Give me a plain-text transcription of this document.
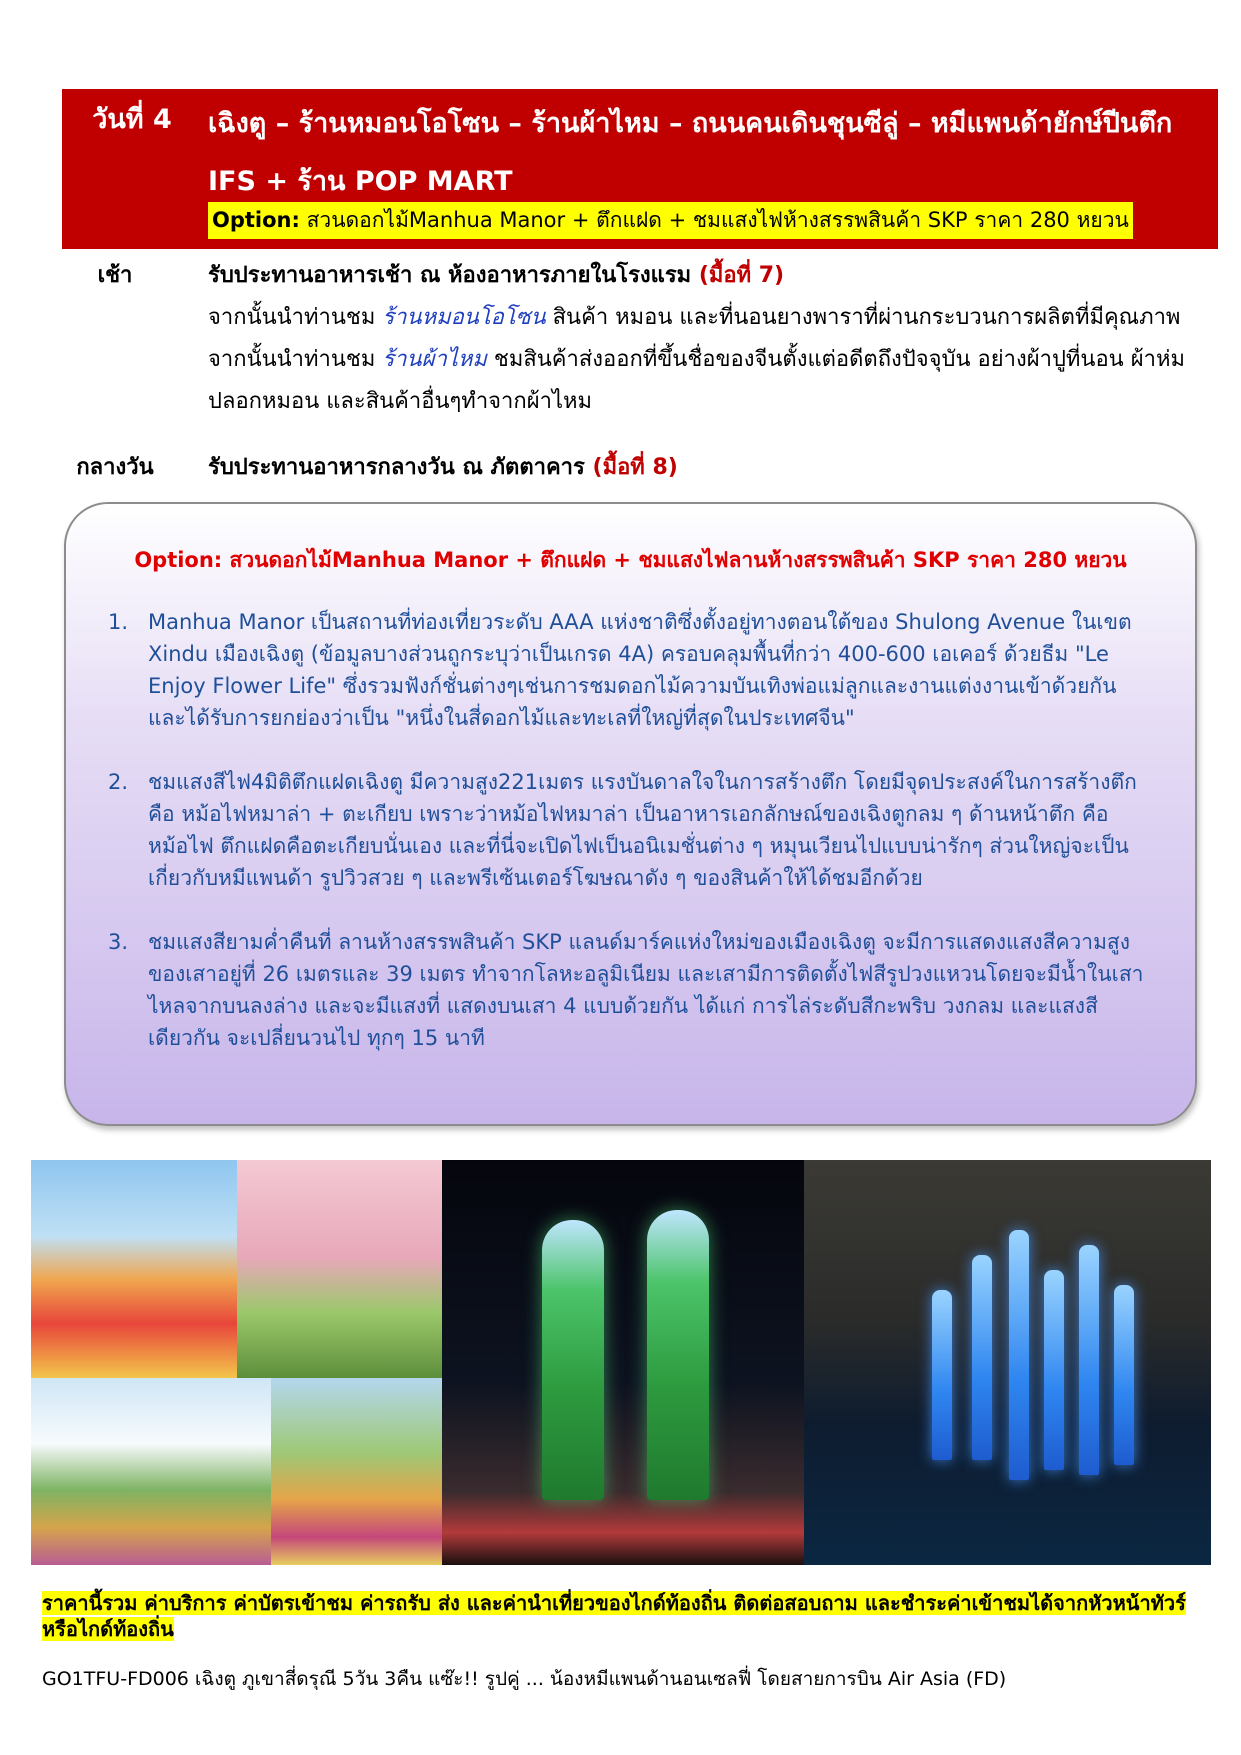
วันที่ 4	เฉิงตู – ร้านหมอนโอโซน – ร้านผ้าไหม – ถนนคนเดินชุนซีลู่ – หมีแพนด้ายักษ์ปีนตึก IFS + ร้าน POP MART
Option: สวนดอกไม้Manhua Manor + ตึกแฝด + ชมแสงไฟห้างสรรพสินค้า SKP ราคา 280 หยวน
เช้า	รับประทานอาหารเช้า ณ ห้องอาหารภายในโรงแรม (มื้อที่ 7)
จากนั้นนำท่านชม ร้านหมอนโอโซน สินค้า หมอน และที่นอนยางพาราที่ผ่านกระบวนการผลิตที่มีคุณภาพ จากนั้นนำท่านชม ร้านผ้าไหม ชมสินค้าส่งออกที่ขึ้นชื่อของจีนตั้งแต่อดีตถึงปัจจุบัน อย่างผ้าปูที่นอน ผ้าห่ม ปลอกหมอน และสินค้าอื่นๆทำจากผ้าไหม
กลางวัน	รับประทานอาหารกลางวัน ณ ภัตตาคาร (มื้อที่ 8)
Option: สวนดอกไม้Manhua Manor + ตึกแฝด + ชมแสงไฟลานห้างสรรพสินค้า SKP ราคา 280 หยวน
1. Manhua Manor เป็นสถานที่ท่องเที่ยวระดับ AAA แห่งชาติซึ่งตั้งอยู่ทางตอนใต้ของ Shulong Avenue ในเขต Xindu เมืองเฉิงตู (ข้อมูลบางส่วนถูกระบุว่าเป็นเกรด 4A) ครอบคลุมพื้นที่กว่า 400-600 เอเคอร์ ด้วยธีม "Le Enjoy Flower Life" ซึ่งรวมฟังก์ชั่นต่างๆเช่นการชมดอกไม้ความบันเทิงพ่อแม่ลูกและงานแต่งงานเข้าด้วยกันและได้รับการยกย่องว่าเป็น "หนึ่งในสี่ดอกไม้และทะเลที่ใหญ่ที่สุดในประเทศจีน"
2. ชมแสงสีไฟ4มิติตึกแฝดเฉิงตู มีความสูง221เมตร แรงบันดาลใจในการสร้างตึก โดยมีจุดประสงค์ในการสร้างตึกคือ หม้อไฟหมาล่า + ตะเกียบ เพราะว่าหม้อไฟหมาล่า เป็นอาหารเอกลักษณ์ของเฉิงตูกลม ๆ ด้านหน้าตึก คือหม้อไฟ ตึกแฝดคือตะเกียบนั่นเอง และที่นี่จะเปิดไฟเป็นอนิเมชั่นต่าง ๆ หมุนเวียนไปแบบน่ารักๆ ส่วนใหญ่จะเป็นเกี่ยวกับหมีแพนด้า รูปวิวสวย ๆ และพรีเซ้นเตอร์โฆษณาดัง ๆ ของสินค้าให้ได้ชมอีกด้วย
3. ชมแสงสียามค่ำคืนที่ ลานห้างสรรพสินค้า SKP แลนด์มาร์คแห่งใหม่ของเมืองเฉิงตู จะมีการแสดงแสงสีความสูงของเสาอยู่ที่ 26 เมตรและ 39 เมตร ทำจากโลหะอลูมิเนียม และเสามีการติดตั้งไฟสีรูปวงแหวนโดยจะมีน้ำในเสาไหลจากบนลงล่าง และจะมีแสงที่ แสดงบนเสา 4 แบบด้วยกัน ได้แก่ การไล่ระดับสีกะพริบ วงกลม และแสงสีเดียวกัน จะเปลี่ยนวนไป ทุกๆ 15 นาที
ราคานี้รวม ค่าบริการ ค่าบัตรเข้าชม ค่ารถรับ ส่ง และค่านำเที่ยวของไกด์ท้องถิ่น ติดต่อสอบถาม และชำระค่าเข้าชมได้จากหัวหน้าทัวร์หรือไกด์ท้องถิ่น
GO1TFU-FD006 เฉิงตู ภูเขาสี่ดรุณี 5วัน 3คืน แซ๊ะ!! รูปคู่ ... น้องหมีแพนด้านอนเซลฟี่ โดยสายการบิน Air Asia (FD)
